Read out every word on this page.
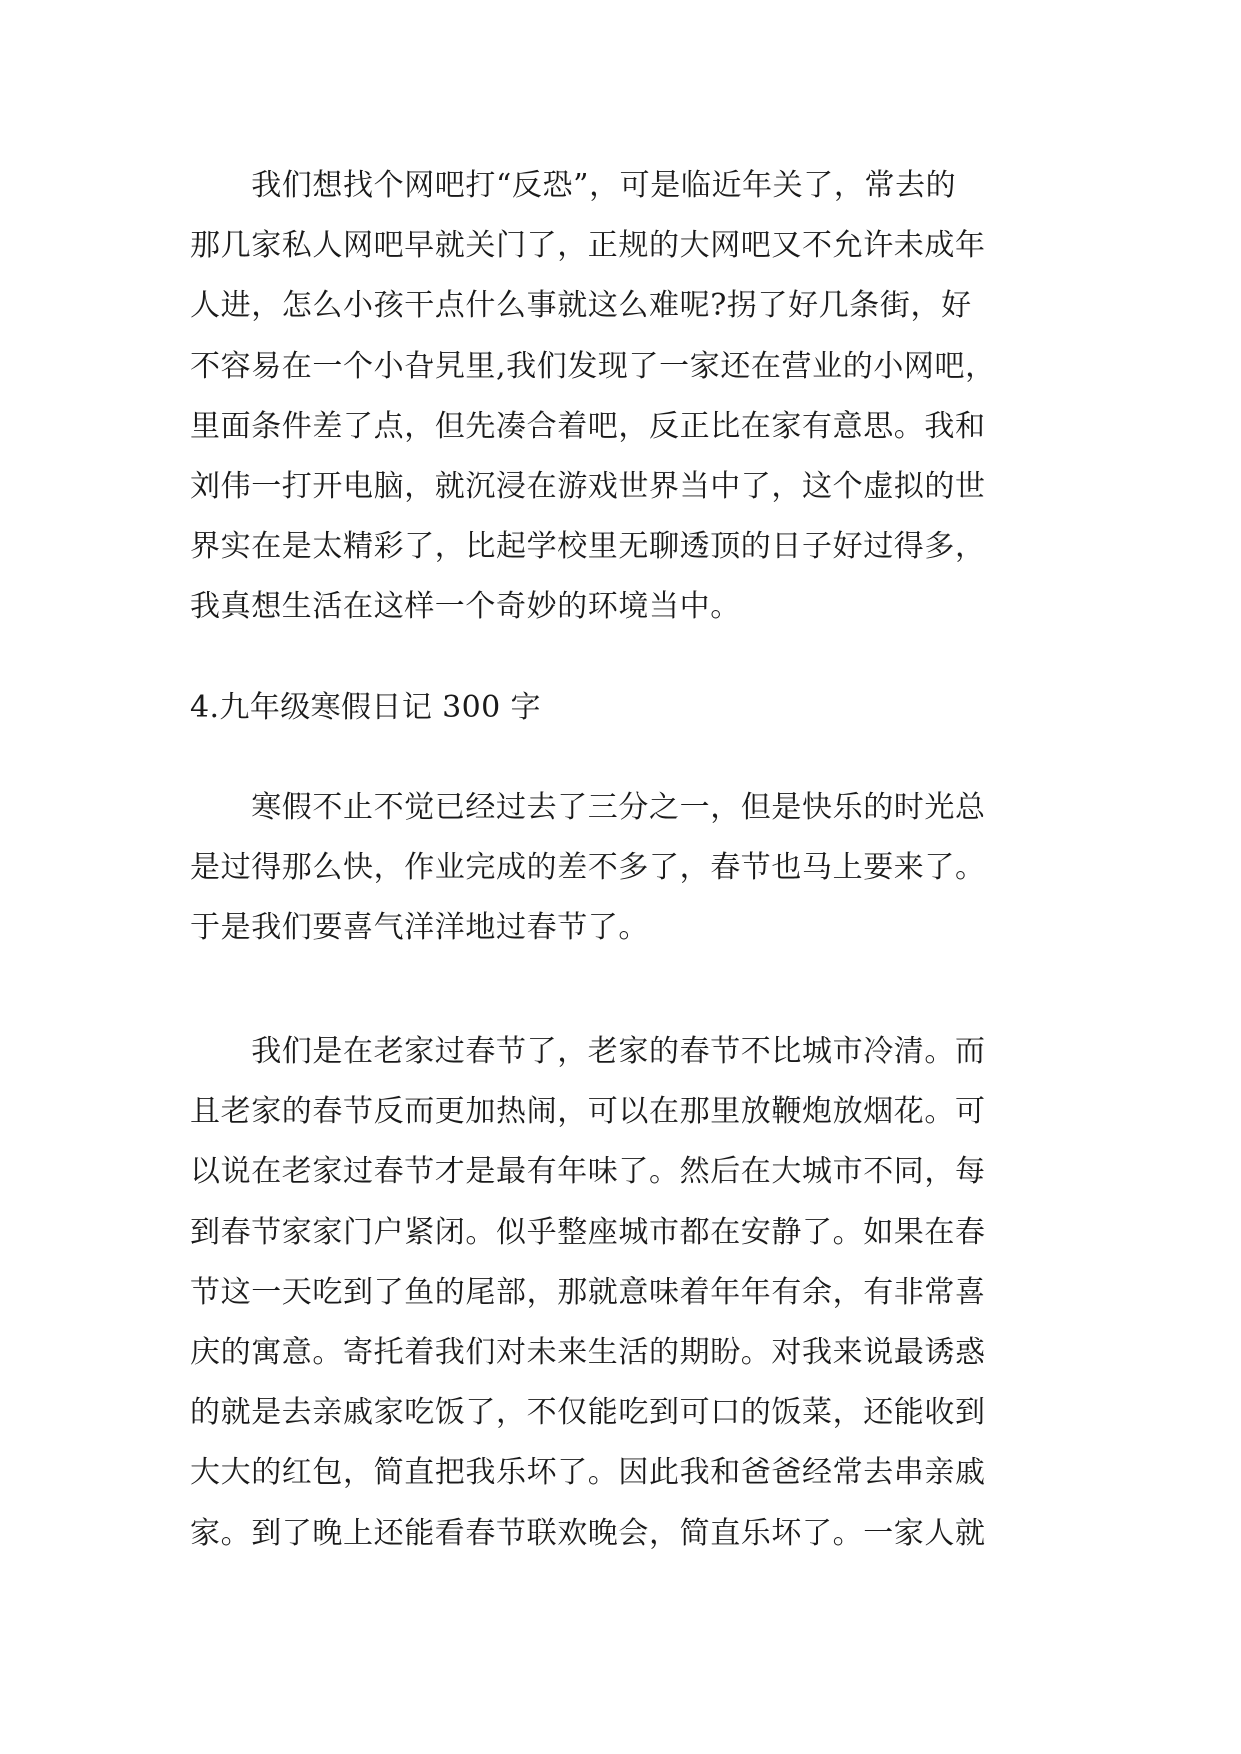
　　我们想找个网吧打“反恐”，可是临近年关了，常去的
那几家私人网吧早就关门了，正规的大网吧又不允许未成年
人进，怎么小孩干点什么事就这么难呢?拐了好几条街，好
不容易在一个小旮旯里,我们发现了一家还在营业的小网吧，
里面条件差了点，但先凑合着吧，反正比在家有意思。我和
刘伟一打开电脑，就沉浸在游戏世界当中了，这个虚拟的世
界实在是太精彩了，比起学校里无聊透顶的日子好过得多，
我真想生活在这样一个奇妙的环境当中。

4.九年级寒假日记 300 字

　　寒假不止不觉已经过去了三分之一，但是快乐的时光总
是过得那么快，作业完成的差不多了，春节也马上要来了。
于是我们要喜气洋洋地过春节了。

　　我们是在老家过春节了，老家的春节不比城市冷清。而
且老家的春节反而更加热闹，可以在那里放鞭炮放烟花。可
以说在老家过春节才是最有年味了。然后在大城市不同，每
到春节家家门户紧闭。似乎整座城市都在安静了。如果在春
节这一天吃到了鱼的尾部，那就意味着年年有余，有非常喜
庆的寓意。寄托着我们对未来生活的期盼。对我来说最诱惑
的就是去亲戚家吃饭了，不仅能吃到可口的饭菜，还能收到
大大的红包，简直把我乐坏了。因此我和爸爸经常去串亲戚
家。到了晚上还能看春节联欢晚会，简直乐坏了。一家人就
